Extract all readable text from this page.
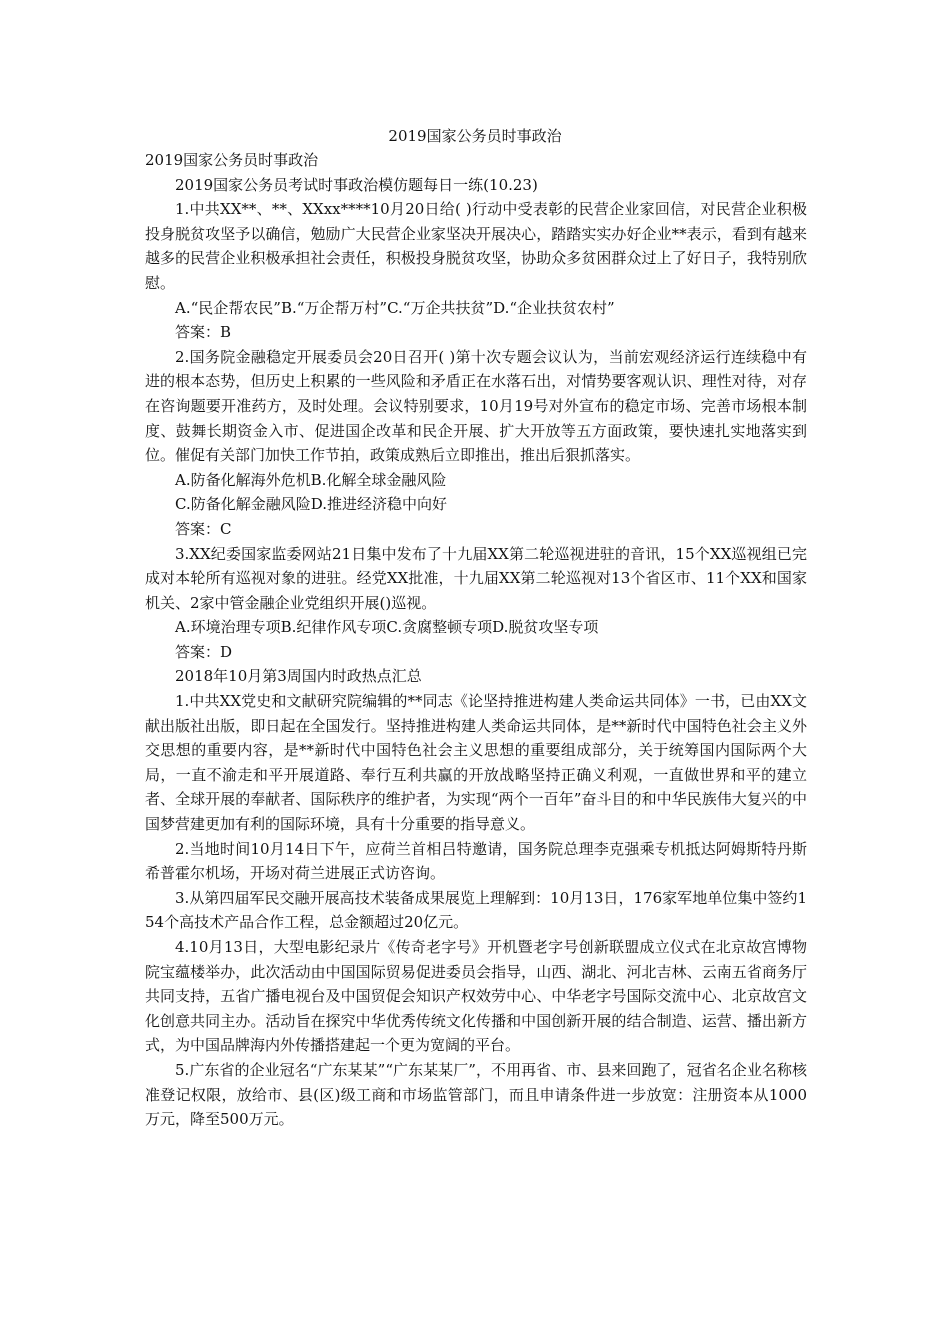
2019国家公务员时事政治

2019国家公务员时事政治

2019国家公务员考试时事政治模仿题每日一练(10.23)

1.中共XX**、**、XXxx****10月20日给( )行动中受表彰的民营企业家回信，对民营企业积极投身脱贫攻坚予以确信，勉励广大民营企业家坚决开展决心，踏踏实实办好企业**表示，看到有越来越多的民营企业积极承担社会责任，积极投身脱贫攻坚，协助众多贫困群众过上了好日子，我特别欣慰。

A.“民企帮农民”B.“万企帮万村”C.“万企共扶贫”D.“企业扶贫农村”

答案：B

2.国务院金融稳定开展委员会20日召开( )第十次专题会议认为，当前宏观经济运行连续稳中有进的根本态势，但历史上积累的一些风险和矛盾正在水落石出，对情势要客观认识、理性对待，对存在咨询题要开准药方，及时处理。会议特别要求，10月19号对外宣布的稳定市场、完善市场根本制度、鼓舞长期资金入市、促进国企改革和民企开展、扩大开放等五方面政策，要快速扎实地落实到位。催促有关部门加快工作节拍，政策成熟后立即推出，推出后狠抓落实。

A.防备化解海外危机B.化解全球金融风险

C.防备化解金融风险D.推进经济稳中向好

答案：C

3.XX纪委国家监委网站21日集中发布了十九届XX第二轮巡视进驻的音讯，15个XX巡视组已完成对本轮所有巡视对象的进驻。经党XX批准，十九届XX第二轮巡视对13个省区市、11个XX和国家机关、2家中管金融企业党组织开展()巡视。

A.环境治理专项B.纪律作风专项C.贪腐整顿专项D.脱贫攻坚专项

答案：D

2018年10月第3周国内时政热点汇总

1.中共XX党史和文献研究院编辑的**同志《论坚持推进构建人类命运共同体》一书，已由XX文献出版社出版，即日起在全国发行。坚持推进构建人类命运共同体，是**新时代中国特色社会主义外交思想的重要内容，是**新时代中国特色社会主义思想的重要组成部分，关于统筹国内国际两个大局，一直不渝走和平开展道路、奉行互利共赢的开放战略坚持正确义利观，一直做世界和平的建立者、全球开展的奉献者、国际秩序的维护者，为实现“两个一百年”奋斗目的和中华民族伟大复兴的中国梦营建更加有利的国际环境，具有十分重要的指导意义。

2.当地时间10月14日下午，应荷兰首相吕特邀请，国务院总理李克强乘专机抵达阿姆斯特丹斯希普霍尔机场，开场对荷兰进展正式访咨询。

3.从第四届军民交融开展高技术装备成果展览上理解到：10月13日，176家军地单位集中签约154个高技术产品合作工程，总金额超过20亿元。

4.10月13日，大型电影纪录片《传奇老字号》开机暨老字号创新联盟成立仪式在北京故宫博物院宝蕴楼举办，此次活动由中国国际贸易促进委员会指导，山西、湖北、河北吉林、云南五省商务厅共同支持，五省广播电视台及中国贸促会知识产权效劳中心、中华老字号国际交流中心、北京故宫文化创意共同主办。活动旨在探究中华优秀传统文化传播和中国创新开展的结合制造、运营、播出新方式，为中国品牌海内外传播搭建起一个更为宽阔的平台。

5.广东省的企业冠名“广东某某”“广东某某厂”，不用再省、市、县来回跑了，冠省名企业名称核准登记权限，放给市、县(区)级工商和市场监管部门，而且申请条件进一步放宽：注册资本从1000万元，降至500万元。
